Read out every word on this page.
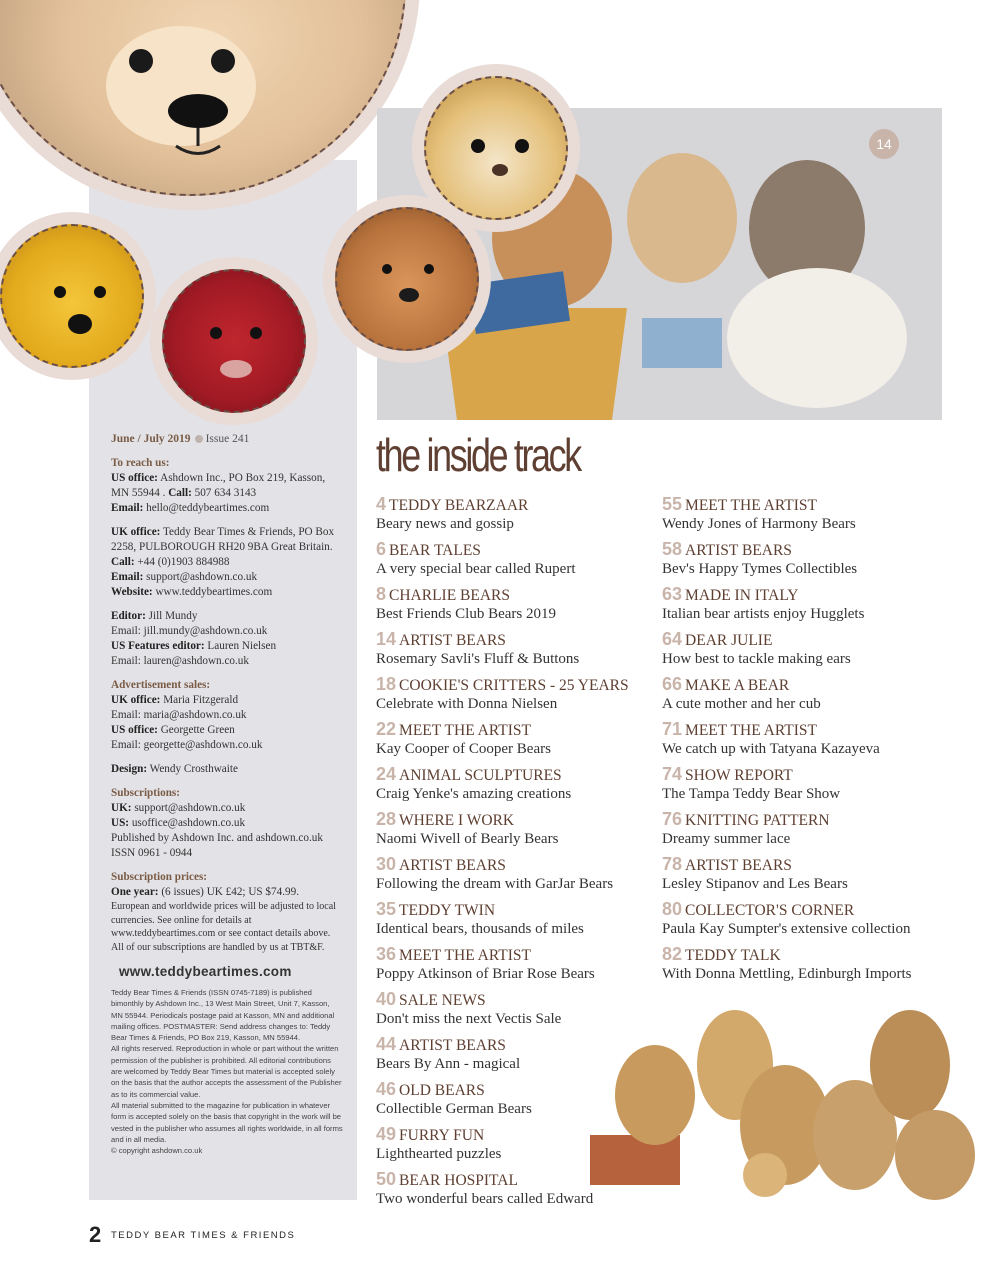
14
the inside track
4 TEDDY BEARZAAR
Beary news and gossip
6 BEAR TALES
A very special bear called Rupert
8 CHARLIE BEARS
Best Friends Club Bears 2019
14 ARTIST BEARS
Rosemary Savli's Fluff & Buttons
18 COOKIE'S CRITTERS - 25 YEARS
Celebrate with Donna Nielsen
22 MEET THE ARTIST
Kay Cooper of Cooper Bears
24 ANIMAL SCULPTURES
Craig Yenke's amazing creations
28 WHERE I WORK
Naomi Wivell of Bearly Bears
30 ARTIST BEARS
Following the dream with GarJar Bears
35 TEDDY TWIN
Identical bears, thousands of miles
36 MEET THE ARTIST
Poppy Atkinson of Briar Rose Bears
40 SALE NEWS
Don't miss the next Vectis Sale
44 ARTIST BEARS
Bears By Ann - magical
46 OLD BEARS
Collectible German Bears
49 FURRY FUN
Lighthearted puzzles
50 BEAR HOSPITAL
Two wonderful bears called Edward
55 MEET THE ARTIST
Wendy Jones of Harmony Bears
58 ARTIST BEARS
Bev's Happy Tymes Collectibles
63 MADE IN ITALY
Italian bear artists enjoy Hugglets
64 DEAR JULIE
How best to tackle making ears
66 MAKE A BEAR
A cute mother and her cub
71 MEET THE ARTIST
We catch up with Tatyana Kazayeva
74 SHOW REPORT
The Tampa Teddy Bear Show
76 KNITTING PATTERN
Dreamy summer lace
78 ARTIST BEARS
Lesley Stipanov and Les Bears
80 COLLECTOR'S CORNER
Paula Kay Sumpter's extensive collection
82 TEDDY TALK
With Donna Mettling, Edinburgh Imports
June / July 2019 Issue 241
To reach us:
US office: Ashdown Inc., PO Box 219, Kasson, MN 55944 . Call: 507 634 3143
Email: hello@teddybeartimes.com
UK office: Teddy Bear Times & Friends, PO Box 2258, PULBOROUGH RH20 9BA Great Britain. Call: +44 (0)1903 884988
Email: support@ashdown.co.uk
Website: www.teddybeartimes.com
Editor: Jill Mundy
Email: jill.mundy@ashdown.co.uk
US Features editor: Lauren Nielsen
Email: lauren@ashdown.co.uk
Advertisement sales:
UK office: Maria Fitzgerald
Email: maria@ashdown.co.uk
US office: Georgette Green
Email: georgette@ashdown.co.uk
Design: Wendy Crosthwaite
Subscriptions:
UK: support@ashdown.co.uk
US: usoffice@ashdown.co.uk
Published by Ashdown Inc. and ashdown.co.uk ISSN 0961 - 0944
Subscription prices:
One year: (6 issues) UK £42; US $74.99.
European and worldwide prices will be adjusted to local currencies. See online for details at www.teddybeartimes.com or see contact details above. All of our subscriptions are handled by us at TBT&F.
www.teddybeartimes.com

Teddy Bear Times & Friends (ISSN 0745-7189) is published bimonthly by Ashdown Inc., 13 West Main Street, Unit 7, Kasson, MN 55944. Periodicals postage paid at Kasson, MN and additional mailing offices. POSTMASTER: Send address changes to: Teddy Bear Times & Friends, PO Box 219, Kasson, MN 55944.

All rights reserved. Reproduction in whole or part without the written permission of the publisher is prohibited. All editorial contributions are welcomed by Teddy Bear Times but material is accepted solely on the basis that the author accepts the assessment of the Publisher as to its commercial value.

All material submitted to the magazine for publication in whatever form is accepted solely on the basis that copyright in the work will be vested in the publisher who assumes all rights worldwide, in all forms and in all media.

© copyright ashdown.co.uk

2 TEDDY BEAR TIMES & FRIENDS
